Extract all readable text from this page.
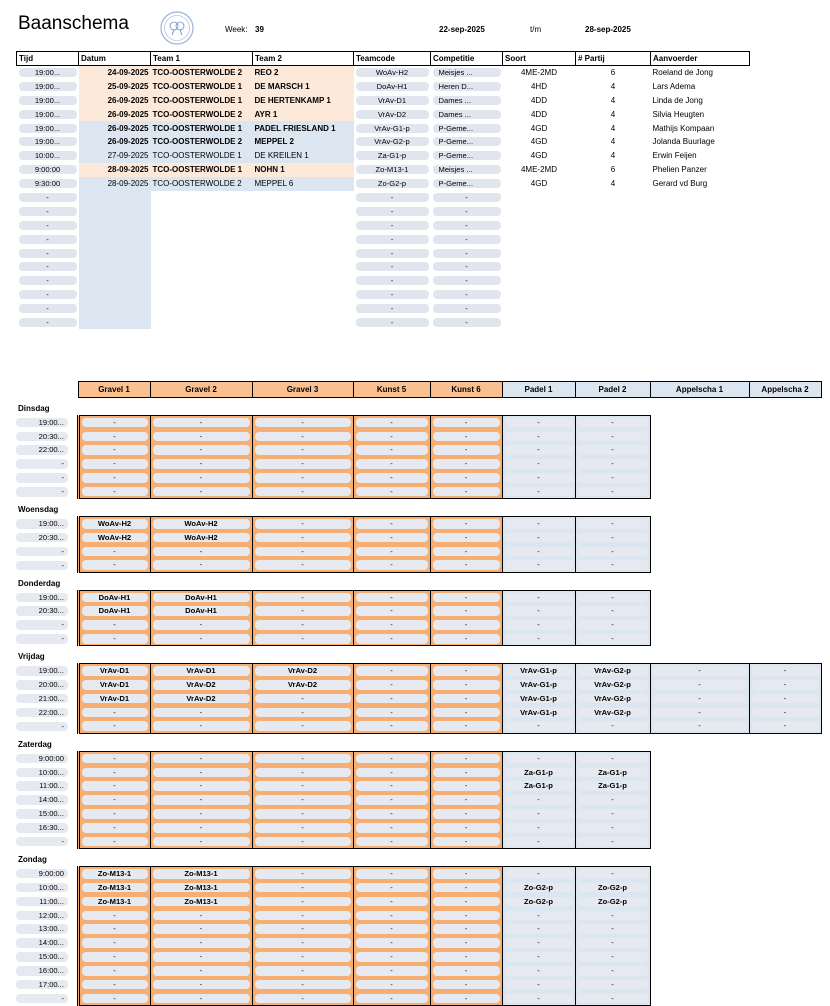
Baanschema	Week: 39	22-sep-2025	t/m	28-sep-2025
Tijd	Datum	Team 1	Team 2	Teamcode	Competitie	Soort	# Partij	Aanvoerder

19:00...	24-09-2025	TCO-OOSTERWOLDE 2	REO 2	WoAv-H2	Meisjes ...	4ME-2MD	6	Roeland de Jong

19:00...	25-09-2025	TCO-OOSTERWOLDE 1	DE MARSCH 1	DoAv-H1	Heren D...	4HD	4	Lars Adema

19:00...	26-09-2025	TCO-OOSTERWOLDE 1	DE HERTENKAMP 1	VrAv-D1	Dames ...	4DD	4	Linda de Jong

19:00...	26-09-2025	TCO-OOSTERWOLDE 2	AYR 1	VrAv-D2	Dames ...	4DD	4	Silvia Heugten

19:00...	26-09-2025	TCO-OOSTERWOLDE 1	PADEL FRIESLAND 1	VrAv-G1-p	P-Geme...	4GD	4	Mathijs Kompaan

19:00...	26-09-2025	TCO-OOSTERWOLDE 2	MEPPEL 2	VrAv-G2-p	P-Geme...	4GD	4	Jolanda Buurlage

10:00...	27-09-2025	TCO-OOSTERWOLDE 1	DE KREILEN 1	Za-G1-p	P-Geme...	4GD	4	Erwin Feijen

9:00:00	28-09-2025	TCO-OOSTERWOLDE 1	NOHN 1	Zo-M13-1	Meisjes ...	4ME-2MD	6	Phelien Panzer

9:30:00	28-09-2025	TCO-OOSTERWOLDE 2	MEPPEL 6	Zo-G2-p	P-Geme...	4GD	4	Gerard vd Burg

-				-	-			

-				-	-			

-				-	-			

-				-	-			

-				-	-			

-				-	-			

-				-	-			

-				-	-			

-				-	-			

-				-	-			

	Gravel 1	Gravel 2	Gravel 3	Kunst 5	Kunst 6	Padel 1	Padel 2	Appelscha 1	Appelscha 2
Dinsdag									

19:00...	-	-	-	-	-	-	-		

20:30...	-	-	-	-	-	-	-		

22:00...	-	-	-	-	-	-	-		

-	-	-	-	-	-	-	-		

-	-	-	-	-	-	-	-		

-	-	-	-	-	-	-	-		

Woensdag									

19:00...	WoAv-H2	WoAv-H2	-	-	-	-	-		

20:30...	WoAv-H2	WoAv-H2	-	-	-	-	-		

-	-	-	-	-	-	-	-		

-	-	-	-	-	-	-	-		

Donderdag									

19:00...	DoAv-H1	DoAv-H1	-	-	-	-	-		

20:30...	DoAv-H1	DoAv-H1	-	-	-	-	-		

-	-	-	-	-	-	-	-		

-	-	-	-	-	-	-	-		

Vrijdag									

19:00...	VrAv-D1	VrAv-D1	VrAv-D2	-	-	VrAv-G1-p	VrAv-G2-p	-	-

20:00...	VrAv-D1	VrAv-D2	VrAv-D2	-	-	VrAv-G1-p	VrAv-G2-p	-	-

21:00...	VrAv-D1	VrAv-D2	-	-	-	VrAv-G1-p	VrAv-G2-p	-	-

22:00...	-	-	-	-	-	VrAv-G1-p	VrAv-G2-p	-	-

-	-	-	-	-	-	-	-	-	-

Zaterdag									

9:00:00	-	-	-	-	-	-	-		

10:00...	-	-	-	-	-	Za-G1-p	Za-G1-p		

11:00...	-	-	-	-	-	Za-G1-p	Za-G1-p		

14:00...	-	-	-	-	-	-	-		

15:00...	-	-	-	-	-	-	-		

16:30...	-	-	-	-	-	-	-		

-	-	-	-	-	-	-	-		

Zondag									

9:00:00	Zo-M13-1	Zo-M13-1	-	-	-	-	-		

10:00...	Zo-M13-1	Zo-M13-1	-	-	-	Zo-G2-p	Zo-G2-p		

11:00...	Zo-M13-1	Zo-M13-1	-	-	-	Zo-G2-p	Zo-G2-p		

12:00...	-	-	-	-	-	-	-		

13:00...	-	-	-	-	-	-	-		

14:00...	-	-	-	-	-	-	-		

15:00...	-	-	-	-	-	-	-		

16:00...	-	-	-	-	-	-	-		

17:00...	-	-	-	-	-	-	-		

-	-	-	-	-	-	-	-		
